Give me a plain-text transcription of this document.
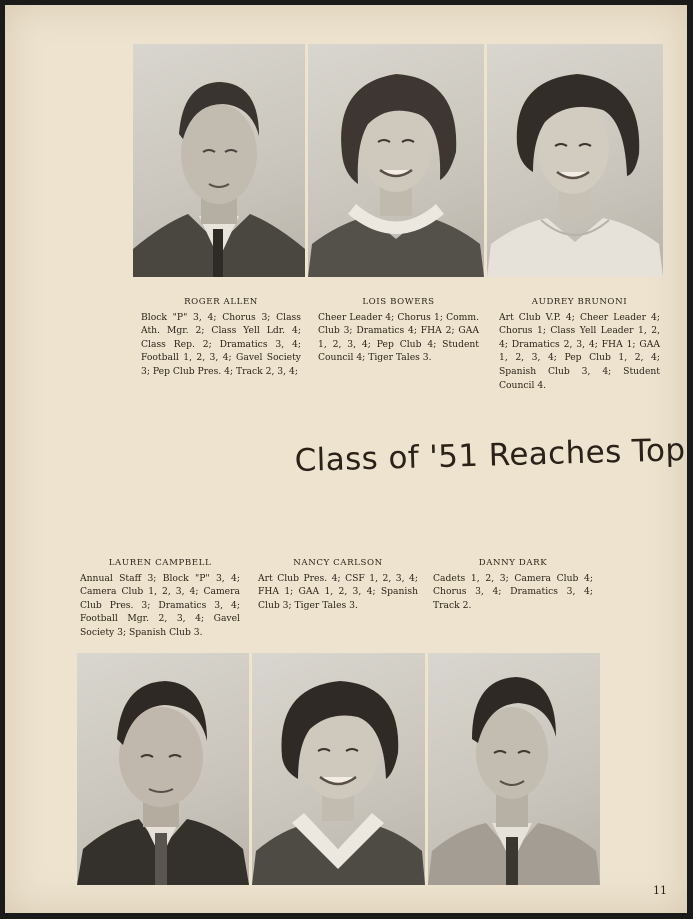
ROGER ALLEN
Block "P" 3, 4; Chorus 3; Class Ath. Mgr. 2; Class Yell Ldr. 4; Class Rep. 2; Dramatics 3, 4; Football 1, 2, 3, 4; Gavel Society 3; Pep Club Pres. 4; Track 2, 3, 4;
LOIS BOWERS
Cheer Leader 4; Chorus 1; Comm. Club 3; Dramatics 4; FHA 2; GAA 1, 2, 3, 4; Pep Club 4; Student Council 4; Tiger Tales 3.
AUDREY BRUNONI
Art Club V.P. 4; Cheer Leader 4; Chorus 1; Class Yell Leader 1, 2, 4; Dramatics 2, 3, 4; FHA 1; GAA 1, 2, 3, 4; Pep Club 1, 2, 4; Spanish Club 3, 4; Student Council 4.
Class of '51 Reaches Top
LAUREN CAMPBELL
Annual Staff 3; Block "P" 3, 4; Camera Club 1, 2, 3, 4; Camera Club Pres. 3; Dramatics 3, 4; Football Mgr. 2, 3, 4; Gavel Society 3; Spanish Club 3.
NANCY CARLSON
Art Club Pres. 4; CSF 1, 2, 3, 4; FHA 1; GAA 1, 2, 3, 4; Spanish Club 3; Tiger Tales 3.
DANNY DARK
Cadets 1, 2, 3; Camera Club 4; Chorus 3, 4; Dramatics 3, 4; Track 2.
11
